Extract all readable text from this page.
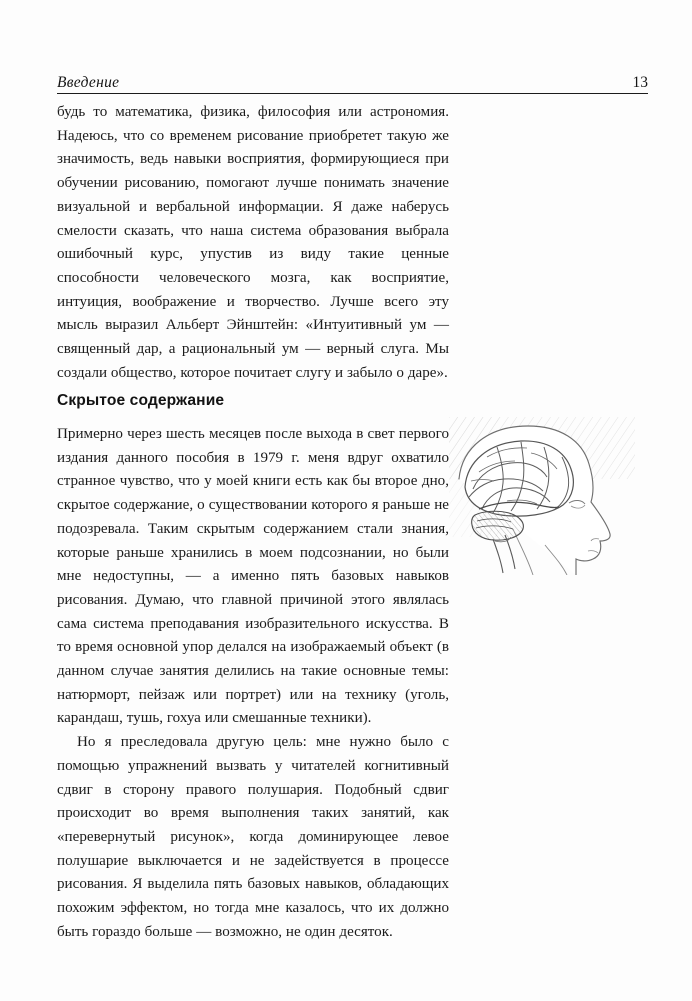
Введение	13

будь то математика, физика, философия или астрономия. Надеюсь, что со временем рисование приобретет такую же значимость, ведь навыки восприятия, формирующиеся при обучении рисованию, помогают лучше понимать значение визуальной и вербальной информации. Я даже наберусь смелости сказать, что наша система образования выбрала ошибочный курс, упустив из виду такие ценные способности человеческого мозга, как восприятие, интуиция, воображение и творчество. Лучше всего эту мысль выразил Альберт Эйнштейн: «Интуитивный ум — священный дар, а рациональный ум — верный слуга. Мы создали общество, которое почитает слугу и забыло о даре».

Скрытое содержание

Примерно через шесть месяцев после выхода в свет первого издания данного пособия в 1979 г. меня вдруг охватило странное чувство, что у моей книги есть как бы второе дно, скрытое содержание, о существовании которого я раньше не подозревала. Таким скрытым содержанием стали знания, которые раньше хранились в моем подсознании, но были мне недоступны, — а именно пять базовых навыков рисования. Думаю, что главной причиной этого являлась сама система преподавания изобразительного искусства. В то время основной упор делался на изображаемый объект (в данном случае занятия делились на такие основные темы: натюрморт, пейзаж или портрет) или на технику (уголь, карандаш, тушь, гохуа или смешанные техники).

Но я преследовала другую цель: мне нужно было с помощью упражнений вызвать у читателей когнитивный сдвиг в сторону правого полушария. Подобный сдвиг происходит во время выполнения таких занятий, как «перевернутый рисунок», когда доминирующее левое полушарие выключается и не задействуется в процессе рисования. Я выделила пять базовых навыков, обладающих похожим эффектом, но тогда мне казалось, что их должно быть гораздо больше — возможно, не один десяток.
